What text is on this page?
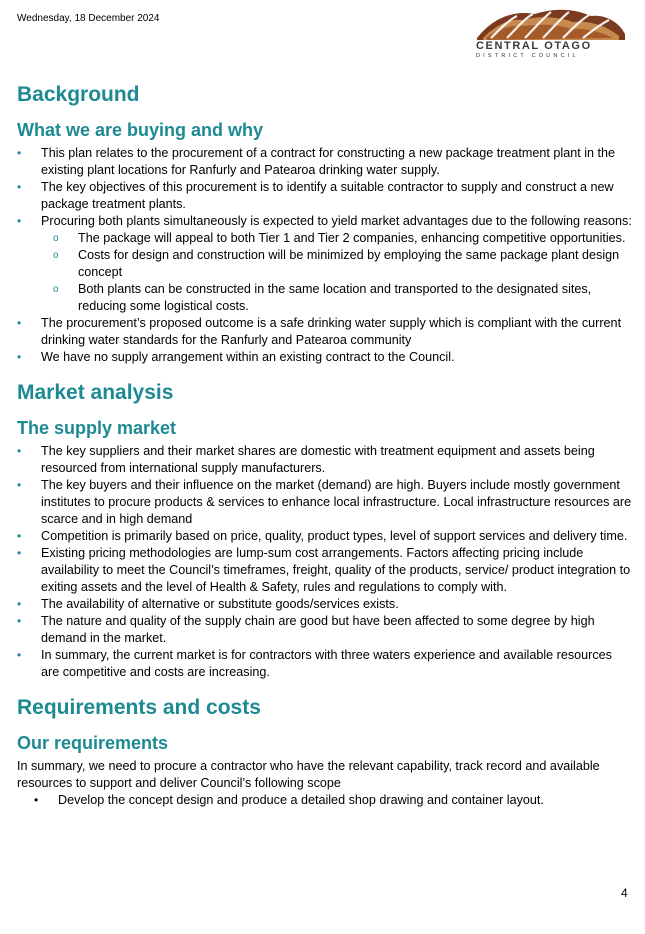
Wednesday, 18 December 2024
CENTRAL OTAGO
DISTRICT COUNCIL
Background
What we are buying and why
• This plan relates to the procurement of a contract for constructing a new package treatment plant in the existing plant locations for Ranfurly and Patearoa drinking water supply.
• The key objectives of this procurement is to identify a suitable contractor to supply and construct a new package treatment plants.
• Procuring both plants simultaneously is expected to yield market advantages due to the following reasons:
o The package will appeal to both Tier 1 and Tier 2 companies, enhancing competitive opportunities.
o Costs for design and construction will be minimized by employing the same package plant design concept
o Both plants can be constructed in the same location and transported to the designated sites, reducing some logistical costs.
• The procurement’s proposed outcome is a safe drinking water supply which is compliant with the current drinking water standards for the Ranfurly and Patearoa community
• We have no supply arrangement within an existing contract to the Council.
Market analysis
The supply market
• The key suppliers and their market shares are domestic with treatment equipment and assets being resourced from international supply manufacturers.
• The key buyers and their influence on the market (demand) are high. Buyers include mostly government institutes to procure products & services to enhance local infrastructure. Local infrastructure resources are scarce and in high demand
• Competition is primarily based on price, quality, product types, level of support services and delivery time.
• Existing pricing methodologies are lump-sum cost arrangements. Factors affecting pricing include availability to meet the Council’s timeframes, freight, quality of the products, service/ product integration to exiting assets and the level of Health & Safety, rules and regulations to comply with.
• The availability of alternative or substitute goods/services exists.
• The nature and quality of the supply chain are good but have been affected to some degree by high demand in the market.
• In summary, the current market is for contractors with three waters experience and available resources are competitive and costs are increasing.
Requirements and costs
Our requirements

In summary, we need to procure a contractor who have the relevant capability, track record and available resources to support and deliver Council’s following scope

• Develop the concept design and produce a detailed shop drawing and container layout.
4
